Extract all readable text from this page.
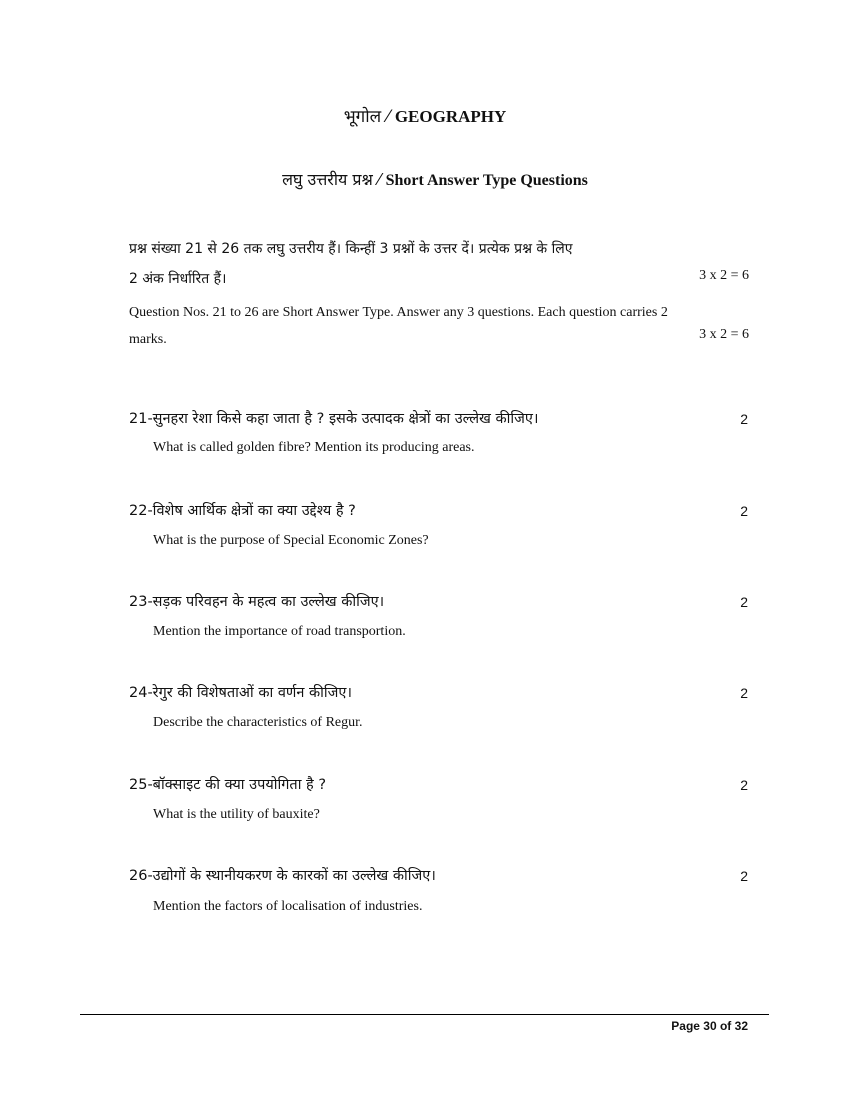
भूगोल ⁄ GEOGRAPHY
लघु उत्तरीय प्रश्न ⁄ Short Answer Type Questions
प्रश्न संख्या 21 से 26 तक लघु उत्तरीय हैं। किन्हीं 3 प्रश्नों के उत्तर दें। प्रत्येक प्रश्न के लिए
2 अंक निर्धारित हैं।	3 x 2 = 6
Question Nos. 21 to 26 are Short Answer Type. Answer any 3 questions. Each question carries 2
marks.	3 x 2 = 6
21-सुनहरा रेशा किसे कहा जाता है ? इसके उत्पादक क्षेत्रों का उल्लेख कीजिए।	2
What is called golden fibre? Mention its producing areas.
22-विशेष आर्थिक क्षेत्रों का क्या उद्देश्य है ?	2
What is the purpose of Special Economic Zones?
23-सड़क परिवहन के महत्व का उल्लेख कीजिए।	2
Mention the importance of road transportion.
24-रेगुर की विशेषताओं का वर्णन कीजिए।	2
Describe the characteristics of Regur.
25-बॉक्साइट की क्या उपयोगिता है ?	2
What is the utility of bauxite?
26-उद्योगों के स्थानीयकरण के कारकों का उल्लेख कीजिए।	2
Mention the factors of localisation of industries.
Page 30 of 32
